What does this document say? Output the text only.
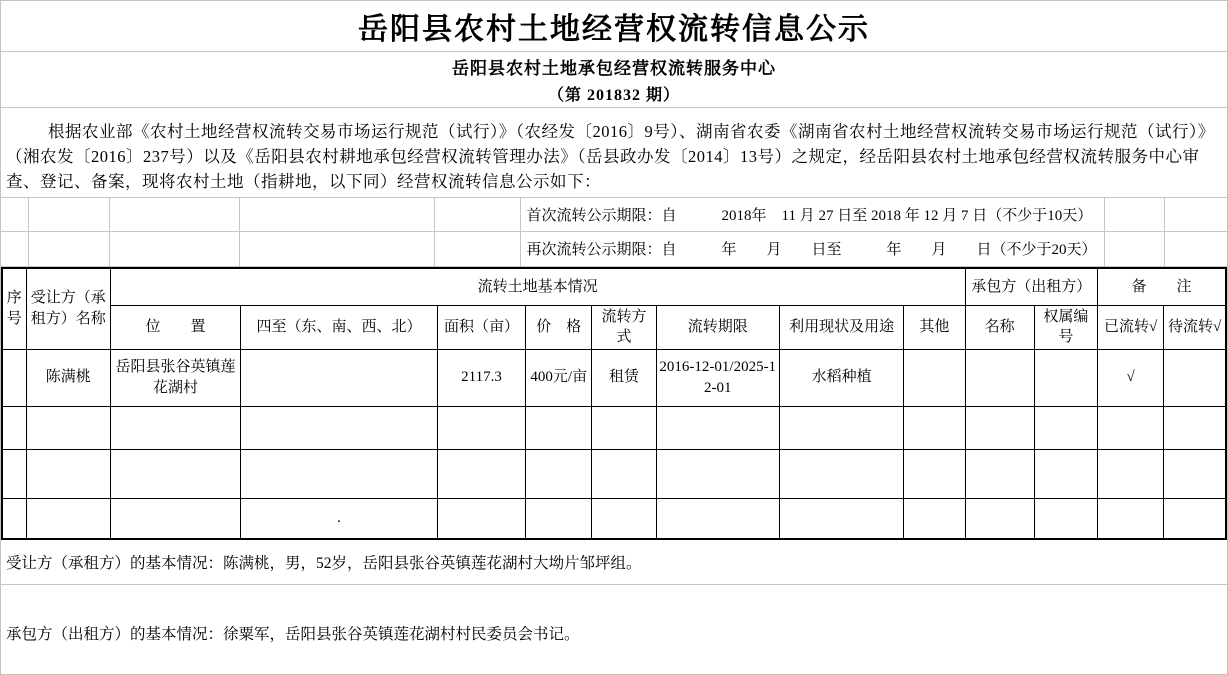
岳阳县农村土地经营权流转信息公示
岳阳县农村土地承包经营权流转服务中心
（第 201832 期）
根据农业部《农村土地经营权流转交易市场运行规范（试行）》（农经发〔2016〕9号）、湖南省农委《湖南省农村土地经营权流转交易市场运行规范（试行）》（湘农发〔2016〕237号）以及《岳阳县农村耕地承包经营权流转管理办法》（岳县政办发〔2014〕13号）之规定，经岳阳县农村土地承包经营权流转服务中心审查、登记、备案，现将农村土地（指耕地，以下同）经营权流转信息公示如下：
					首次流转公示期限：自　　　2018年　11 月 27 日至 2018 年 12 月 7 日（不少于10天）		
					再次流转公示期限：自　　　年　　月　　日至　　　年　　月　　日（不少于20天）		
序号	受让方（承租方）名称	流转土地基本情况								承包方（出租方）		备　　注	
		位　　置	四至（东、南、西、北）	面积（亩）	价　格	流转方式	流转期限	利用现状及用途	其他	名称	权属编号	已流转√	待流转√
	陈满桃	岳阳县张谷英镇莲花湖村		2117.3	400元/亩	租赁	2016-12-01/2025-12-01	水稻种植				√	

			.										
受让方（承租方）的基本情况：陈满桃，男，52岁，岳阳县张谷英镇莲花湖村大坳片邹坪组。
承包方（出租方）的基本情况：徐粟军，岳阳县张谷英镇莲花湖村村民委员会书记。
